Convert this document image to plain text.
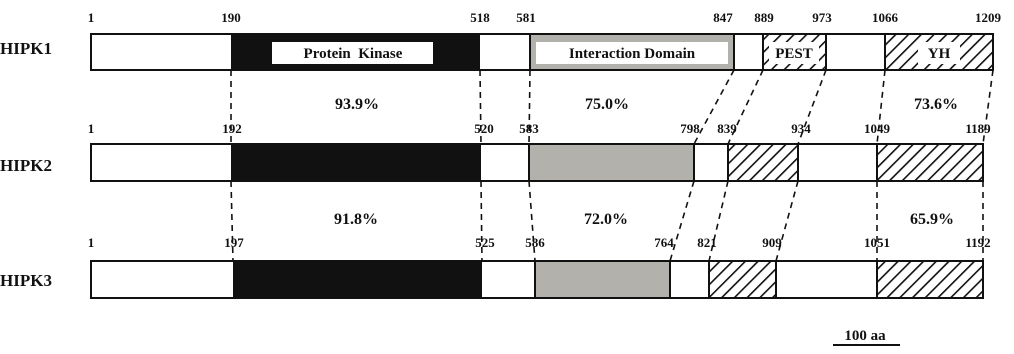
HIPK1	Protein  Kinase	Interaction Domain	PEST	YH
HIPK2
HIPK3
1	190	518 581	847 889	973	1066	1209
1	192	520 583	798 839	934	1049	1189
1	197	525 586	764 821	909	1051	1192
93.9%	75.0%	73.6%
91.8%	72.0%	65.9%
100 aa
